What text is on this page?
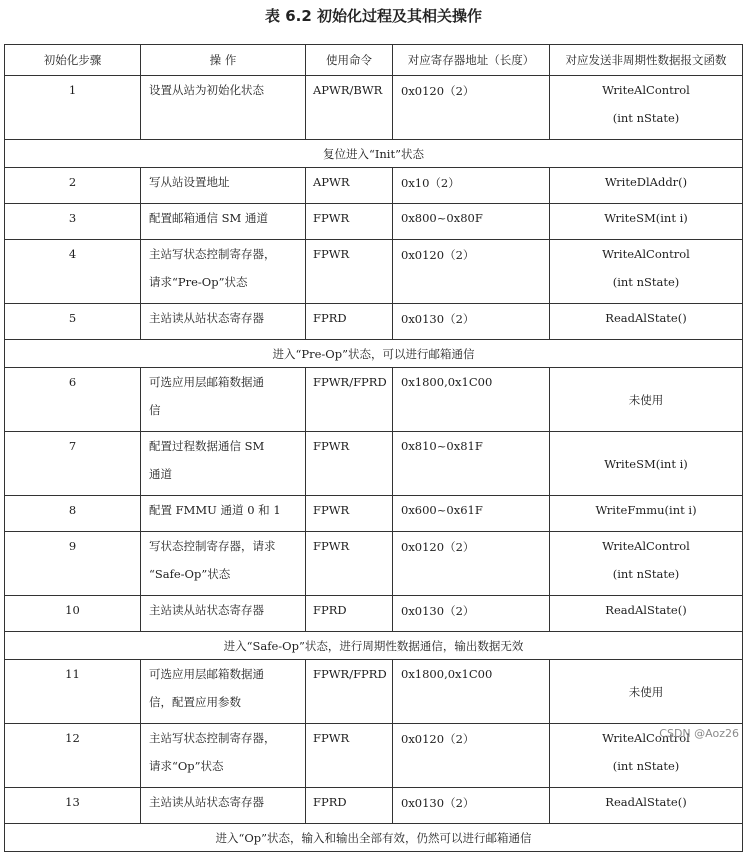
表 6.2 初始化过程及其相关操作
初始化步骤	操 作	使用命令	对应寄存器地址（长度）	对应发送非周期性数据报文函数
1	设置从站为初始化状态	APWR/BWR	0x0120（2）	WriteAlControl
(int nState)

复位进入“Init”状态				
2	写从站设置地址	APWR	0x10（2）	WriteDlAddr()

3	配置邮箱通信 SM 通道	FPWR	0x800~0x80F	WriteSM(int i)

4	主站写状态控制寄存器，
请求“Pre-Op”状态	FPWR	0x0120（2）	WriteAlControl
(int nState)

5	主站读从站状态寄存器	FPRD	0x0130（2）	ReadAlState()

进入“Pre-Op”状态，可以进行邮箱通信				
6	可选应用层邮箱数据通
信	FPWR/FPRD	0x1800,0x1C00	未使用

7	配置过程数据通信 SM
通道	FPWR	0x810~0x81F	WriteSM(int i)

8	配置 FMMU 通道 0 和 1	FPWR	0x600~0x61F	WriteFmmu(int i)

9	写状态控制寄存器，请求
“Safe-Op”状态	FPWR	0x0120（2）	WriteAlControl
(int nState)

10	主站读从站状态寄存器	FPRD	0x0130（2）	ReadAlState()

进入“Safe-Op”状态，进行周期性数据通信，输出数据无效				
11	可选应用层邮箱数据通
信，配置应用参数	FPWR/FPRD	0x1800,0x1C00	未使用

12	主站写状态控制寄存器，
请求“Op”状态	FPWR	0x0120（2）	WriteAlControl
(int nState)

13	主站读从站状态寄存器	FPRD	0x0130（2）	ReadAlState()

进入“Op”状态，输入和输出全部有效，仍然可以进行邮箱通信				
CSDN @Aoz26
